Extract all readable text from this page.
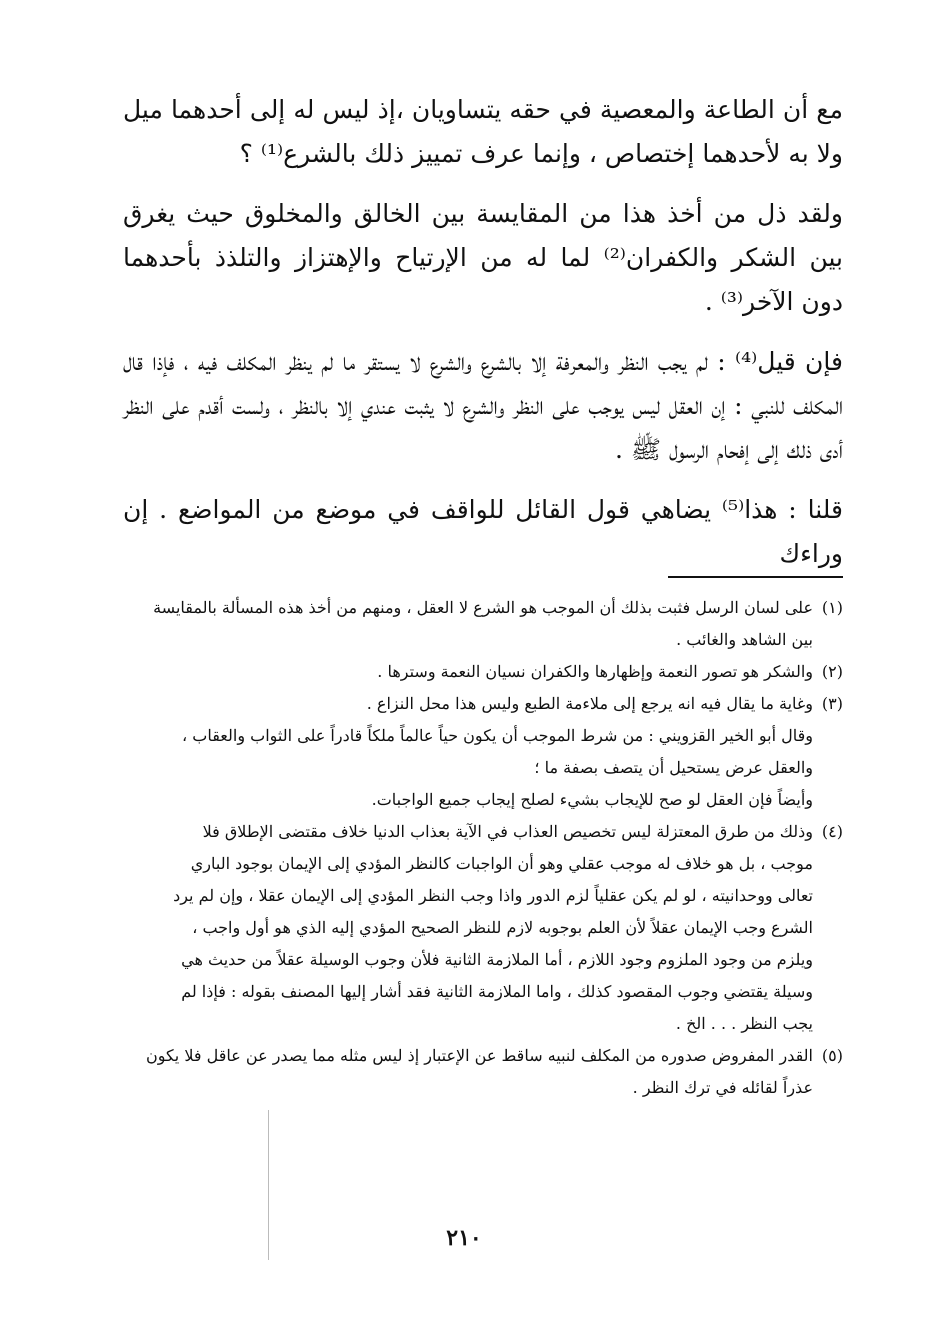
مع أن الطاعة والمعصية في حقه يتساويان ،إذ ليس له إلى أحدهما ميل ولا به لأحدهما إختصاص ، وإنما عرف تمييز ذلك بالشرع⁽¹⁾ ؟

ولقد ذل من أخذ هذا من المقايسة بين الخالق والمخلوق حيث يغرق بين الشكر والكفران⁽²⁾ لما له من الإرتياح والإهتزاز والتلذذ بأحدهما دون الآخر⁽³⁾ .

فإن قيل⁽⁴⁾ : لم يجب النظر والمعرفة إلا بالشرع والشرع لا يستقر ما لم ينظر المكلف فيه ، فإذا قال المكلف للنبي : إن العقل ليس يوجب على النظر والشرع لا يثبت عندي إلا بالنظر ، ولست أقدم على النظر أدى ذلك إلى إفحام الرسول ﷺ .

قلنا : هذا⁽⁵⁾ يضاهي قول القائل للواقف في موضع من المواضع . إن وراءك

(١)

على لسان الرسل فثبت بذلك أن الموجب هو الشرع لا العقل ، ومنهم من أخذ هذه المسألة بالمقايسة

بين الشاهد والغائب .

(٢)

والشكر هو تصور النعمة وإظهارها والكفران نسيان النعمة وسترها .

(٣)

وغاية ما يقال فيه انه يرجع إلى ملاءمة الطبع وليس هذا محل النزاع .

وقال أبو الخير القزويني : من شرط الموجب أن يكون حياً عالماً ملكاً قادراً على الثواب والعقاب ،

والعقل عرض يستحيل أن يتصف بصفة ما ؛

وأيضاً فإن العقل لو صح للإيجاب بشيء لصلح إيجاب جميع الواجبات.

(٤)

وذلك من طرق المعتزلة ليس تخصيص العذاب في الآية بعذاب الدنيا خلاف مقتضى الإطلاق فلا

موجب ، بل هو خلاف له موجب عقلي وهو أن الواجبات كالنظر المؤدي إلى الإيمان بوجود الباري

تعالى ووحدانيته ، لو لم يكن عقلياً لزم الدور واذا وجب النظر المؤدي إلى الإيمان عقلا ، وإن لم يرد

الشرع وجب الإيمان عقلاً لأن العلم بوجوبه لازم للنظر الصحيح المؤدي إليه الذي هو أول واجب ،

ويلزم من وجود الملزوم وجود اللازم ، أما الملازمة الثانية فلأن وجوب الوسيلة عقلاً من حديث هي

وسيلة يقتضي وجوب المقصود كذلك ، واما الملازمة الثانية فقد أشار إليها المصنف بقوله : فإذا لم

يجب النظر . . . الخ .

(٥)

القدر المفروض صدوره من المكلف لنبيه ساقط عن الإعتبار إذ ليس مثله مما يصدر عن عاقل فلا يكون

عذراً لقائله في ترك النظر .

٢١٠
